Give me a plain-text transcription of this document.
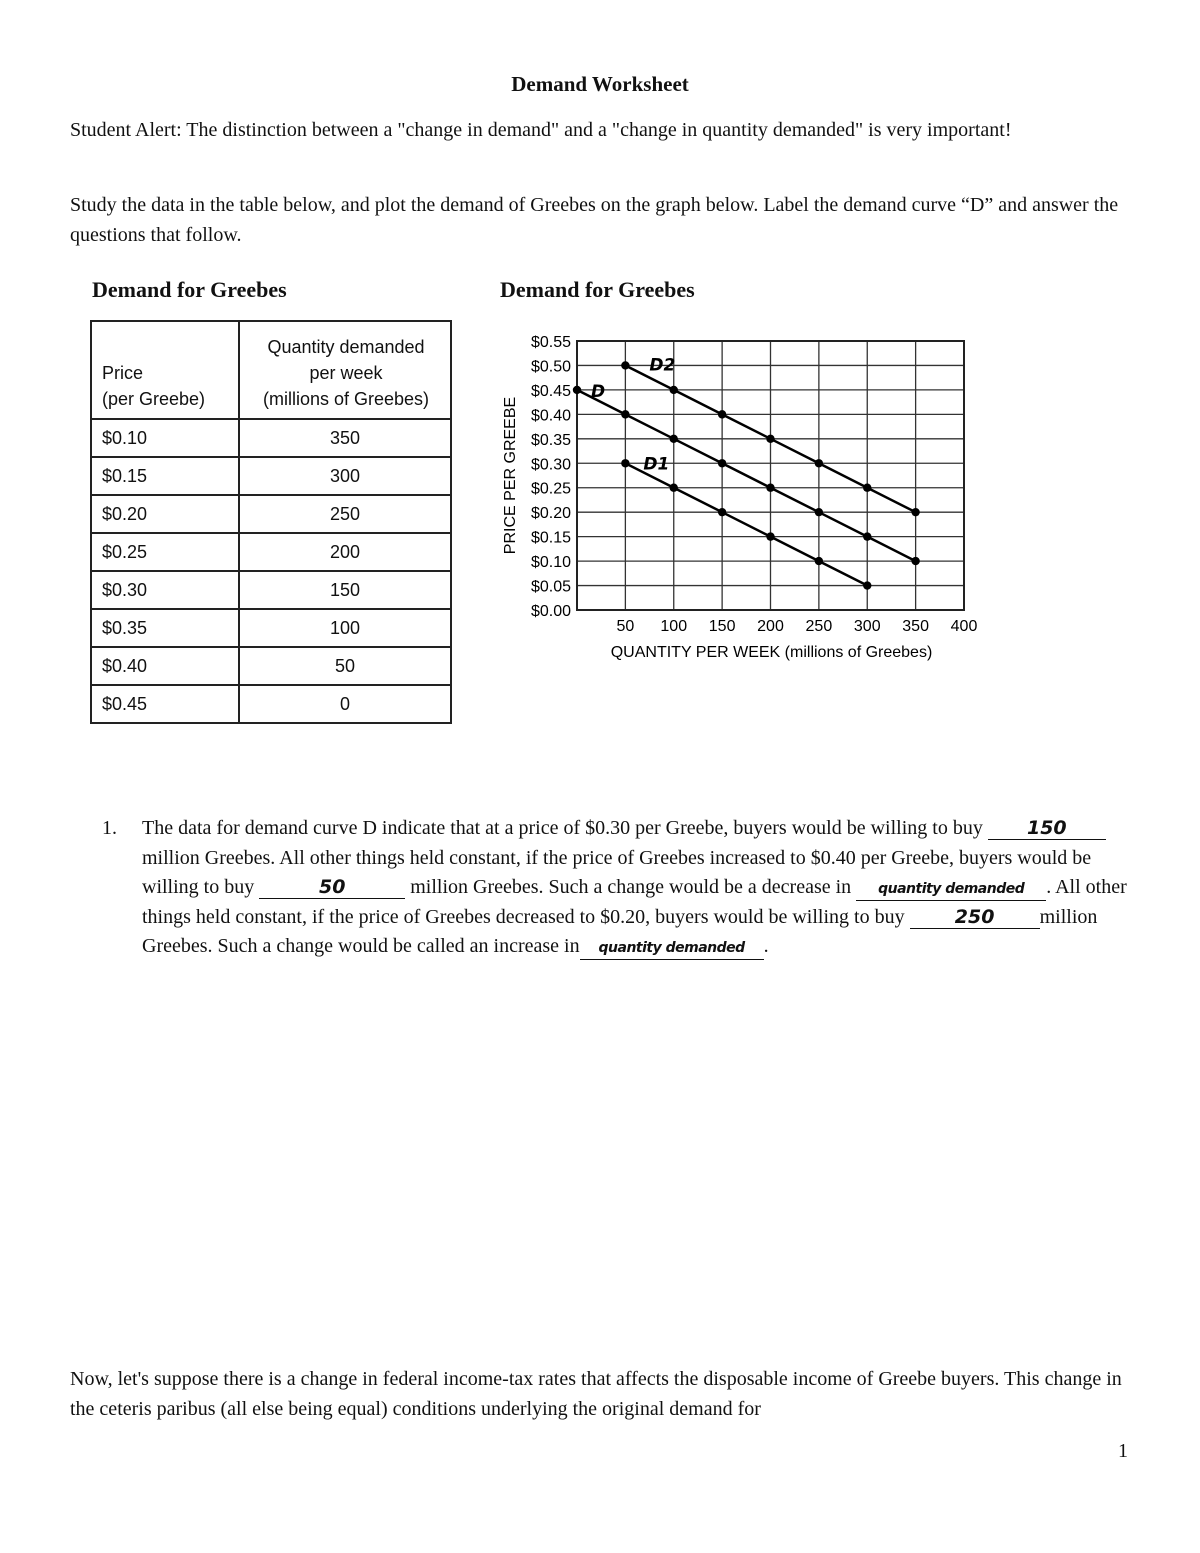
Demand Worksheet

Student Alert: The distinction between a "change in demand" and a "change in quantity demanded" is very important!

Study the data in the table below, and plot the demand of Greebes on the graph below. Label the demand curve “D” and answer the questions that follow.

Demand for Greebes	Demand for Greebes
Price
(per Greebe)	Quantity demanded
per week
(millions of Greebes)
$0.10	350
$0.15	300
$0.20	250
$0.25	200
$0.30	150
$0.35	100
$0.40	50
$0.45	0
$0.00
$0.05
$0.10
$0.15
$0.20
$0.25
$0.30
$0.35
$0.40
$0.45
$0.50
$0.55
50 100 150 200 250 300 350 400
QUANTITY PER WEEK (millions of Greebes)
PRICE PER GREEBE
D
D2
D1
1. The data for demand curve D indicate that at a price of $0.30 per Greebe, buyers would be willing to buy 150 million Greebes. All other things held constant, if the price of Greebes increased to $0.40 per Greebe, buyers would be willing to buy	50	million Greebes. Such a change would be a decrease in quantity demanded . All other things held constant, if the price of Greebes decreased to $0.20, buyers would be willing to buy 250 million Greebes. Such a change would be called an increase in quantity demanded .

Now, let's suppose there is a change in federal income-tax rates that affects the disposable income of Greebe buyers. This change in the ceteris paribus (all else being equal) conditions underlying the original demand for

1
